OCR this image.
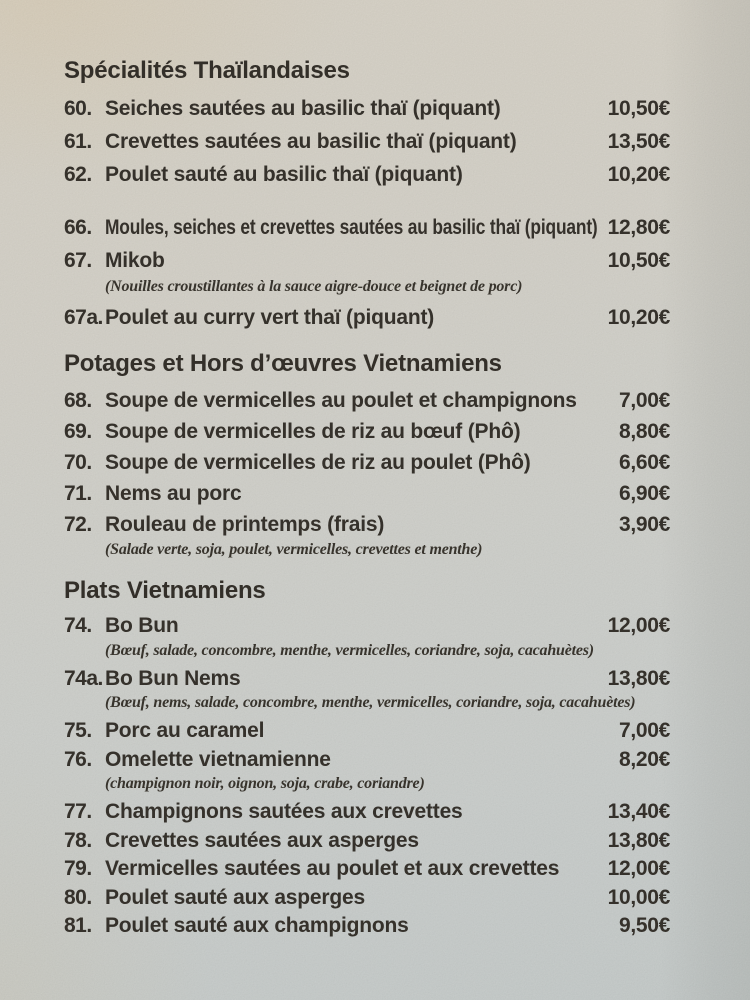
Spécialités Thaïlandaises
60. Seiches sautées au basilic thaï (piquant)	10,50€
61. Crevettes sautées au basilic thaï (piquant)	13,50€
62. Poulet sauté au basilic thaï (piquant)	10,20€
66. Moules, seiches et crevettes sautées au basilic thaï (piquant) 12,80€
67. Mikob	10,50€
(Nouilles croustillantes à la sauce aigre-douce et beignet de porc)
67a. Poulet au curry vert thaï (piquant)	10,20€
Potages et Hors d’œuvres Vietnamiens
68. Soupe de vermicelles au poulet et champignons	7,00€
69. Soupe de vermicelles de riz au bœuf (Phô)	8,80€
70. Soupe de vermicelles de riz au poulet (Phô)	6,60€
71. Nems au porc	6,90€
72. Rouleau de printemps (frais)	3,90€
(Salade verte, soja, poulet, vermicelles, crevettes et menthe)
Plats Vietnamiens
74. Bo Bun	12,00€
(Bœuf, salade, concombre, menthe, vermicelles, coriandre, soja, cacahuètes)
74a. Bo Bun Nems	13,80€
(Bœuf, nems, salade, concombre, menthe, vermicelles, coriandre, soja, cacahuètes)
75. Porc au caramel	7,00€
76. Omelette vietnamienne	8,20€
(champignon noir, oignon, soja, crabe, coriandre)
77. Champignons sautées aux crevettes	13,40€
78. Crevettes sautées aux asperges	13,80€
79. Vermicelles sautées au poulet et aux crevettes	12,00€
80. Poulet sauté aux asperges	10,00€
81. Poulet sauté aux champignons	9,50€
